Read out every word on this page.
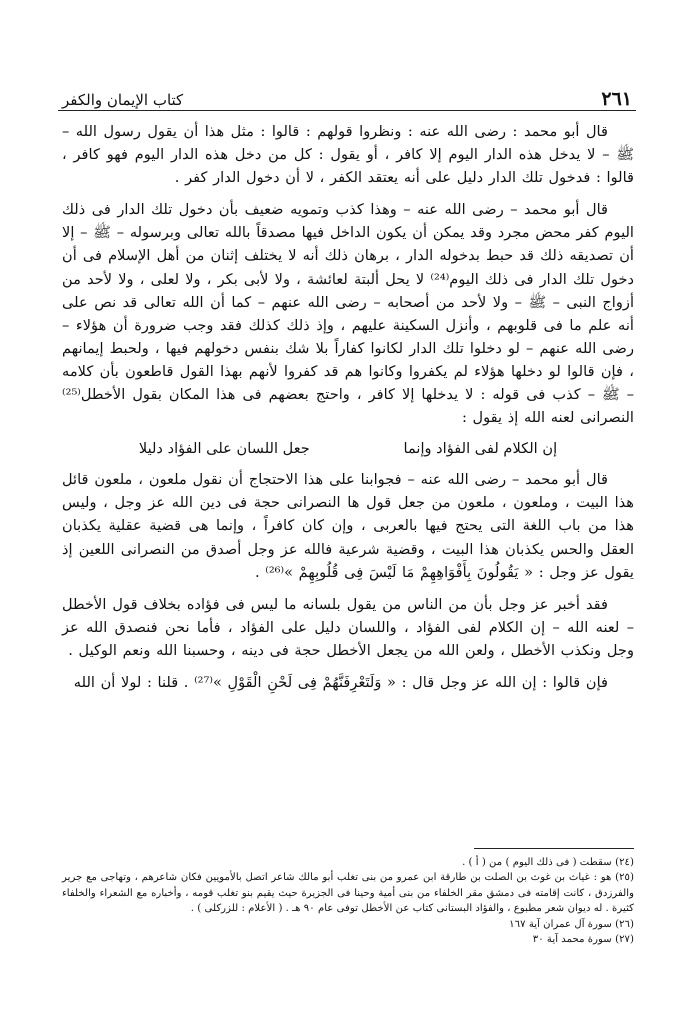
٢٦١
كتاب الإيمان والكفر

قال أبو محمد : رضى الله عنه : ونظروا قولهم : قالوا : مثل هذا أن يقول رسول الله – ﷺ – لا يدخل هذه الدار اليوم إلا كافر ، أو يقول : كل من دخل هذه الدار اليوم فهو كافر ، قالوا : فدخول تلك الدار دليل على أنه يعتقد الكفر ، لا أن دخول الدار كفر .

قال أبو محمد – رضى الله عنه – وهذا كذب وتمويه ضعيف بأن دخول تلك الدار فى ذلك اليوم كفر محض مجرد وقد يمكن أن يكون الداخل فيها مصدقاً بالله تعالى وبرسوله – ﷺ – إلا أن تصديقه ذلك قد حبط بدخوله الدار ، برهان ذلك أنه لا يختلف إثنان من أهل الإسلام فى أن دخول تلك الدار فى ذلك اليوم⁽²⁴⁾ لا يحل ألبتة لعائشة ، ولا لأبى بكر ، ولا لعلى ، ولا لأحد من أزواج النبى – ﷺ – ولا لأحد من أصحابه – رضى الله عنهم – كما أن الله تعالى قد نص على أنه علم ما فى قلوبهم ، وأنزل السكينة عليهم ، وإذ ذلك كذلك فقد وجب ضرورة أن هؤلاء – رضى الله عنهم – لو دخلوا تلك الدار لكانوا كفاراً بلا شك بنفس دخولهم فيها ، ولحبط إيمانهم ، فإن قالوا لو دخلها هؤلاء لم يكفروا وكانوا هم قد كفروا لأنهم بهذا القول قاطعون بأن كلامه – ﷺ – كذب فى قوله : لا يدخلها إلا كافر ، واحتج بعضهم فى هذا المكان بقول الأخطل⁽²⁵⁾ النصرانى لعنه الله إذ يقول :

إن الكلام لفى الفؤاد وإنما
جعل اللسان على الفؤاد دليلا

قال أبو محمد – رضى الله عنه – فجوابنا على هذا الاحتجاج أن نقول ملعون ، ملعون قائل هذا البيت ، وملعون ، ملعون من جعل قول ها النصرانى حجة فى دين الله عز وجل ، وليس هذا من باب اللغة التى يحتج فيها بالعربى ، وإن كان كافراً ، وإنما هى قضية عقلية يكذبان العقل والحس يكذبان هذا البيت ، وقضية شرعية فالله عز وجل أصدق من النصرانى اللعين إذ يقول عز وجل : « يَقُولُونَ بِأَفْوَاهِهِمْ مَا لَيْسَ فِى قُلُوبِهِمْ »⁽²⁶⁾ .

فقد أخبر عز وجل بأن من الناس من يقول بلسانه ما ليس فى فؤاده بخلاف قول الأخطل – لعنه الله – إن الكلام لفى الفؤاد ، واللسان دليل على الفؤاد ، فأما نحن فنصدق الله عز وجل ونكذب الأخطل ، ولعن الله من يجعل الأخطل حجة فى دينه ، وحسبنا الله ونعم الوكيل .

فإن قالوا : إن الله عز وجل قال : « وَلَتَعْرِفَنَّهُمْ فِى لَحْنِ الْقَوْلِ »⁽²⁷⁾ . قلنا : لولا أن الله

(٢٤) سقطت ( فى ذلك اليوم ) من ( أ ) .

(٢٥) هو : غياث بن غوث بن الصلت بن طارقة ابن عمرو من بنى تغلب أبو مالك شاعر اتصل بالأمويين فكان شاعرهم ، وتهاجى مع جرير والفرزدق ، كانت إقامته فى دمشق مقر الخلفاء من بنى أمية وحينا فى الجزيرة حيث يقيم بنو تغلب قومه ، وأخباره مع الشعراء والخلفاء كثيرة . له ديوان شعر مطبوع ، والفؤاد البستانى كتاب عن الأخطل توفى عام ٩٠ هـ . ( الأعلام : للزركلى ) .

(٢٦) سورة آل عمران آية ١٦٧

(٢٧) سورة محمد آية ٣٠
